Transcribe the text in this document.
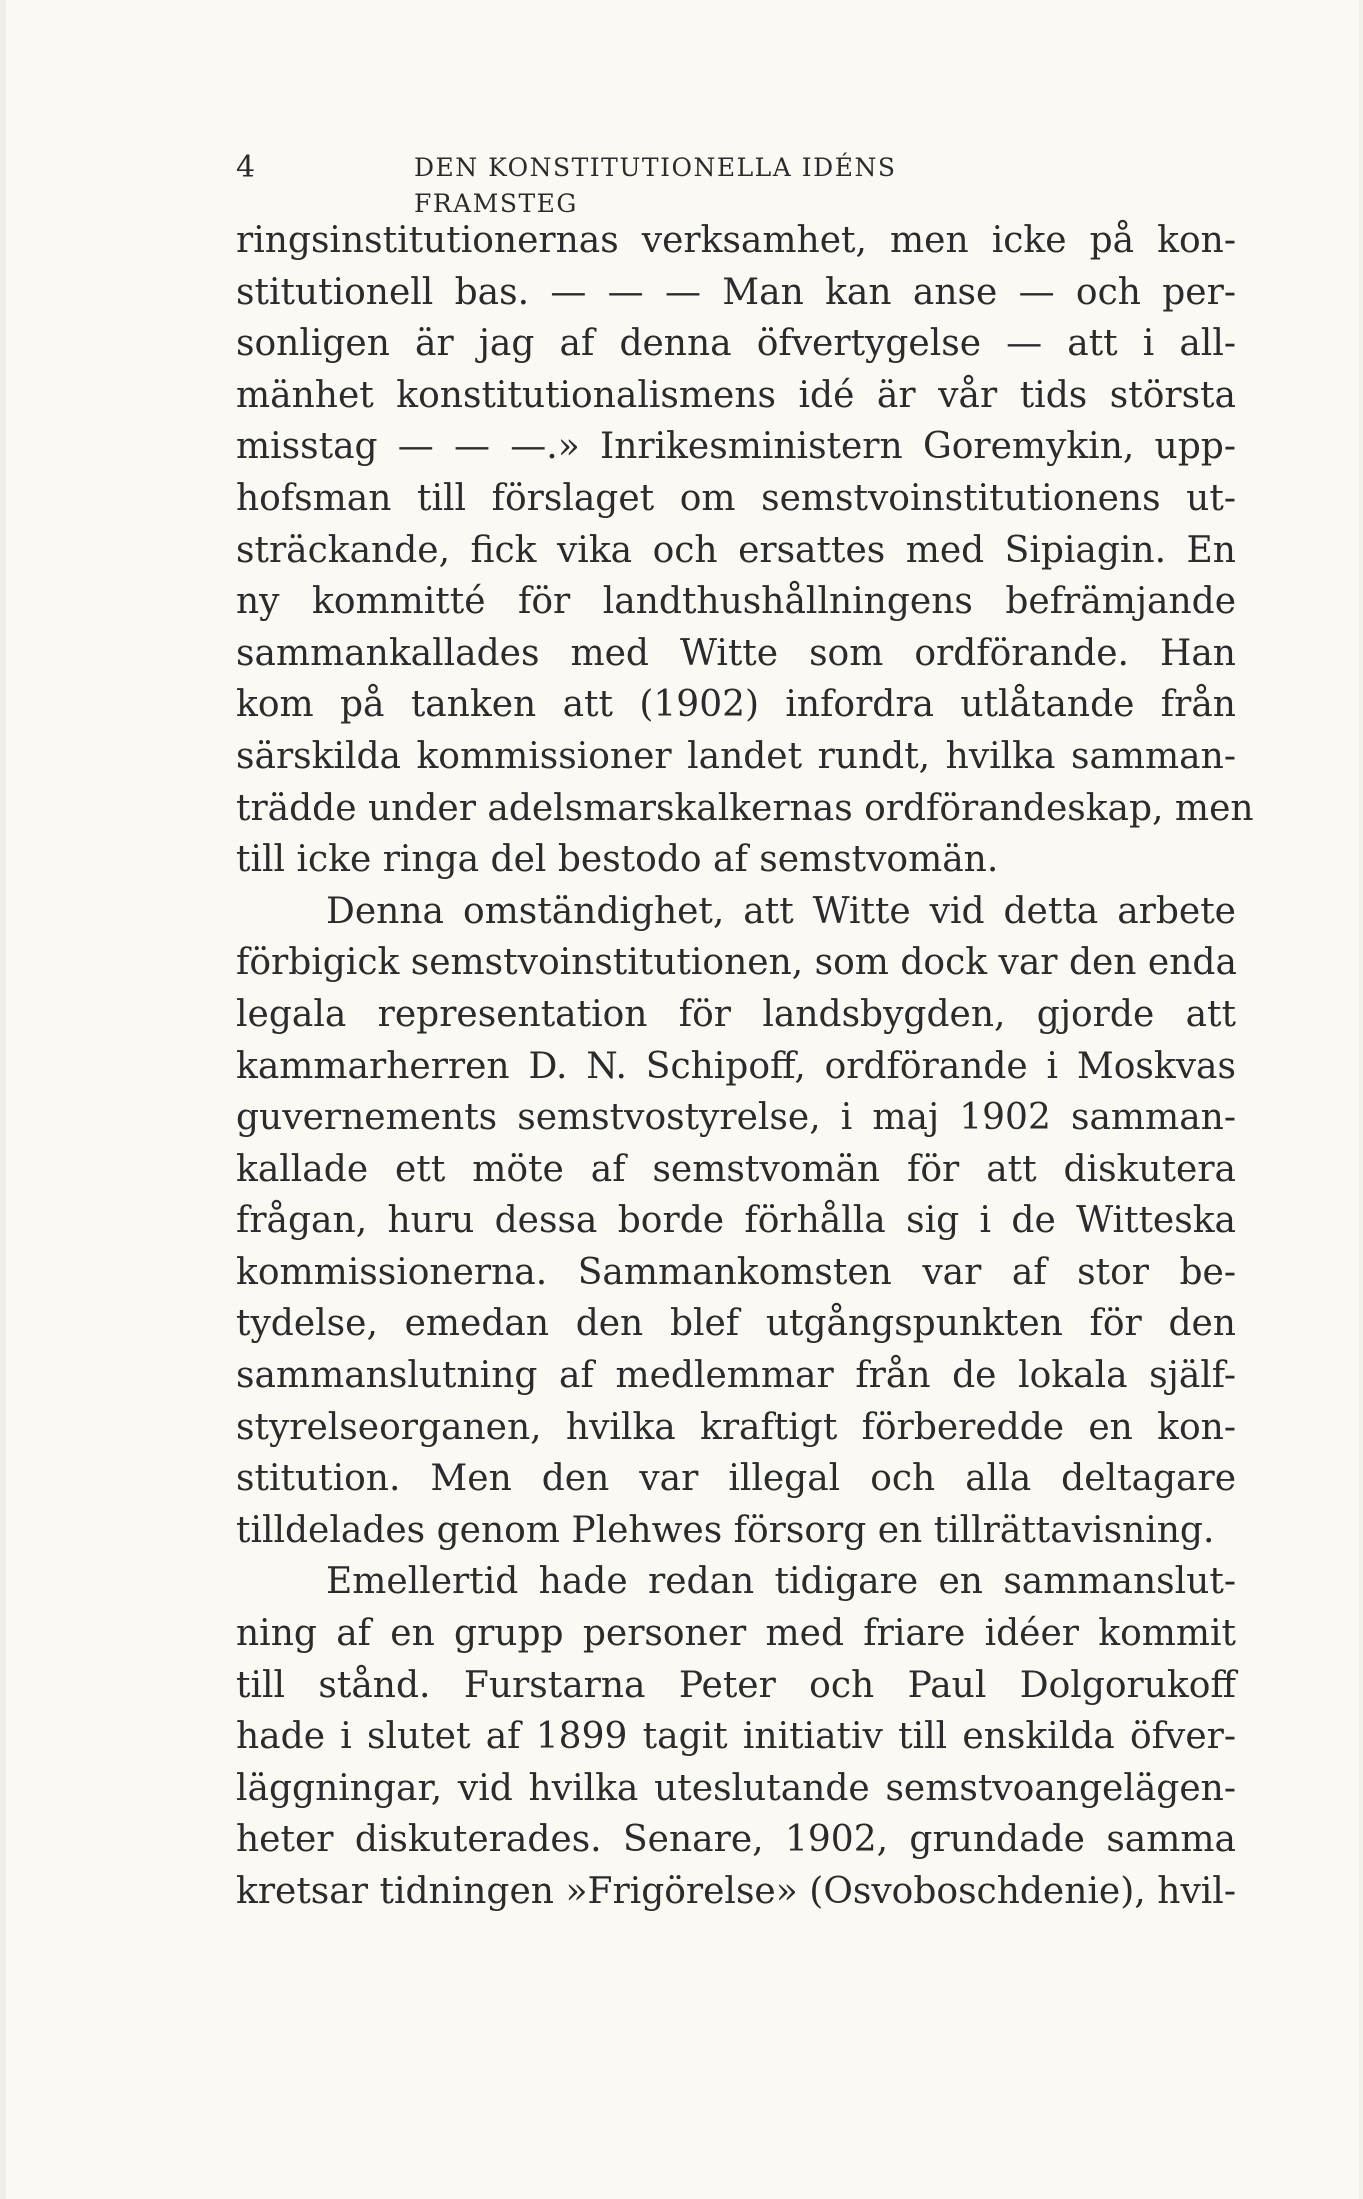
4	DEN KONSTITUTIONELLA IDÉNS FRAMSTEG
ringsinstitutionernas verksamhet, men icke på kon-
stitutionell bas. — — — Man kan anse — och per-
sonligen är jag af denna öfvertygelse — att i all-
mänhet konstitutionalismens idé är vår tids största
misstag — — —.» Inrikesministern Goremykin, upp-
hofsman till förslaget om semstvoinstitutionens ut-
sträckande, fick vika och ersattes med Sipiagin. En
ny kommitté för landthushållningens befrämjande
sammankallades med Witte som ordförande. Han
kom på tanken att (1902) infordra utlåtande från
särskilda kommissioner landet rundt, hvilka samman-
trädde under adelsmarskalkernas ordförandeskap, men
till icke ringa del bestodo af semstvomän.
Denna omständighet, att Witte vid detta arbete
förbigick semstvoinstitutionen, som dock var den enda
legala representation för landsbygden, gjorde att
kammarherren D. N. Schipoff, ordförande i Moskvas
guvernements semstvostyrelse, i maj 1902 samman-
kallade ett möte af semstvomän för att diskutera
frågan, huru dessa borde förhålla sig i de Witteska
kommissionerna. Sammankomsten var af stor be-
tydelse, emedan den blef utgångspunkten för den
sammanslutning af medlemmar från de lokala själf-
styrelseorganen, hvilka kraftigt förberedde en kon-
stitution. Men den var illegal och alla deltagare
tilldelades genom Plehwes försorg en tillrättavisning.
Emellertid hade redan tidigare en sammanslut-
ning af en grupp personer med friare idéer kommit
till stånd. Furstarna Peter och Paul Dolgorukoff
hade i slutet af 1899 tagit initiativ till enskilda öfver-
läggningar, vid hvilka uteslutande semstvoangelägen-
heter diskuterades. Senare, 1902, grundade samma
kretsar tidningen »Frigörelse» (Osvoboschdenie), hvil-
